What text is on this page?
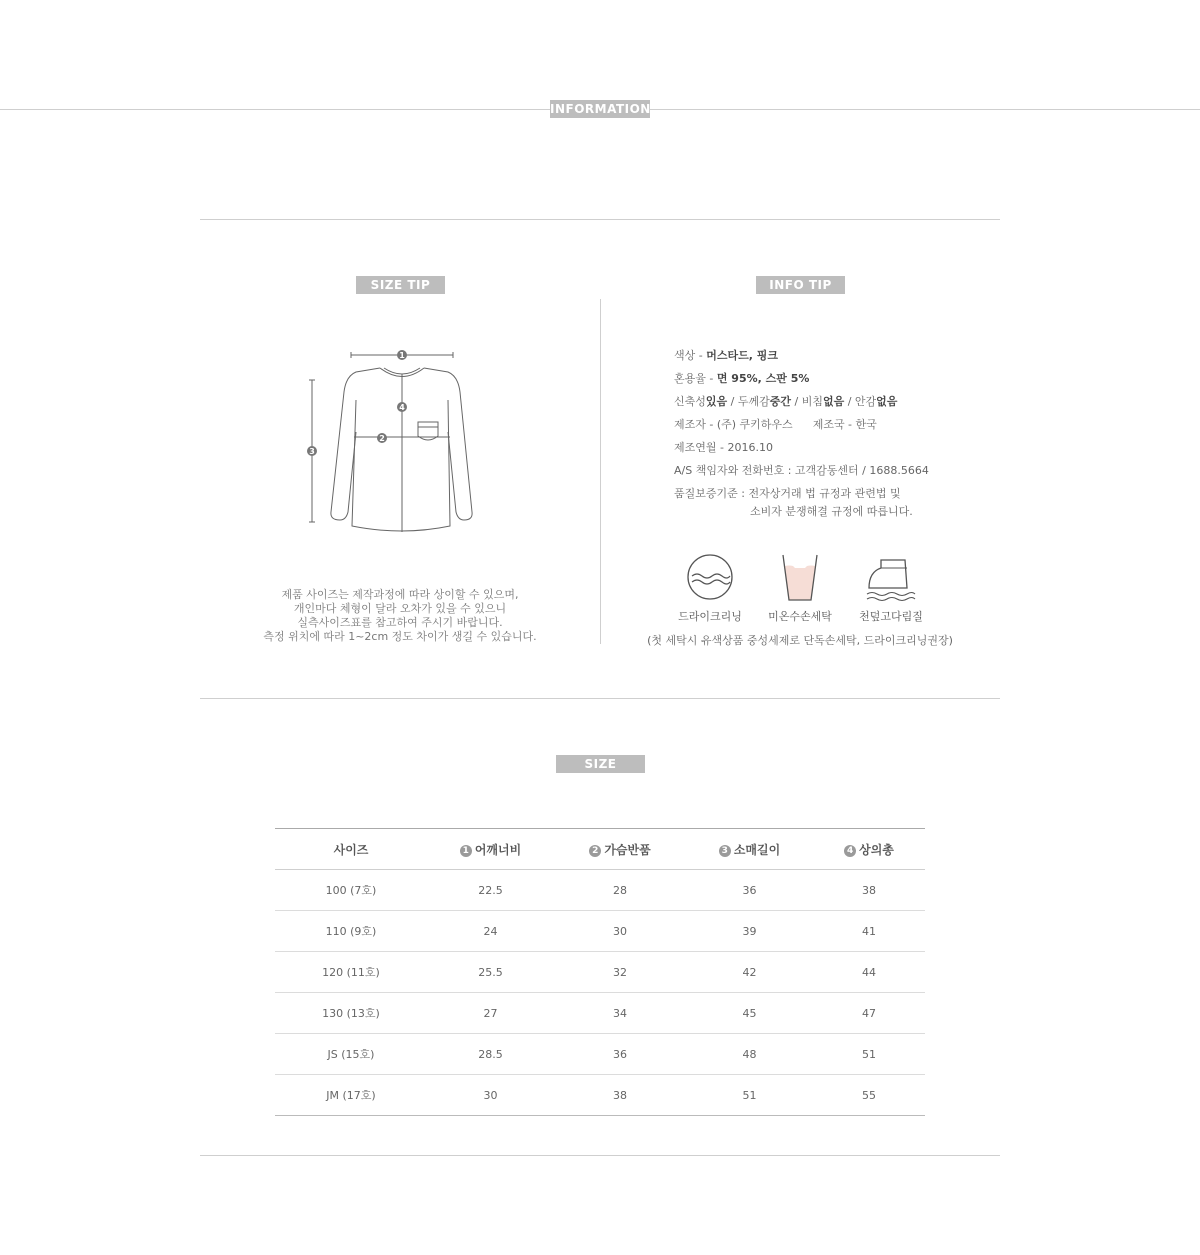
INFORMATION
SIZE TIP
1
2
3
4
제품 사이즈는 제작과정에 따라 상이할 수 있으며,
개인마다 체형이 달라 오차가 있을 수 있으니
실측사이즈표를 참고하여 주시기 바랍니다.
측정 위치에 따라 1~2cm 정도 차이가 생길 수 있습니다.
INFO TIP
색상 - 머스타드, 핑크
혼용율 - 면 95%, 스판 5%
신축성있음 / 두께감중간 / 비침없음 / 안감없음
제조자 - (주) 쿠키하우스 제조국 - 한국
제조연월 - 2016.10
A/S 책임자와 전화번호 : 고객감동센터 / 1688.5664
품질보증기준 : 전자상거래 법 규정과 관련법 및
소비자 분쟁해결 규정에 따릅니다.
드라이크리닝	미온수손세탁	천덮고다림질
(첫 세탁시 유색상품 중성세제로 단독손세탁, 드라이크리닝권장)
SIZE
사이즈	1 어깨너비	2 가슴반품	3 소매길이	4 상의총
100 (7호)	22.5	28	36	38
110 (9호)	24	30	39	41
120 (11호)	25.5	32	42	44
130 (13호)	27	34	45	47
JS (15호)	28.5	36	48	51
JM (17호)	30	38	51	55
